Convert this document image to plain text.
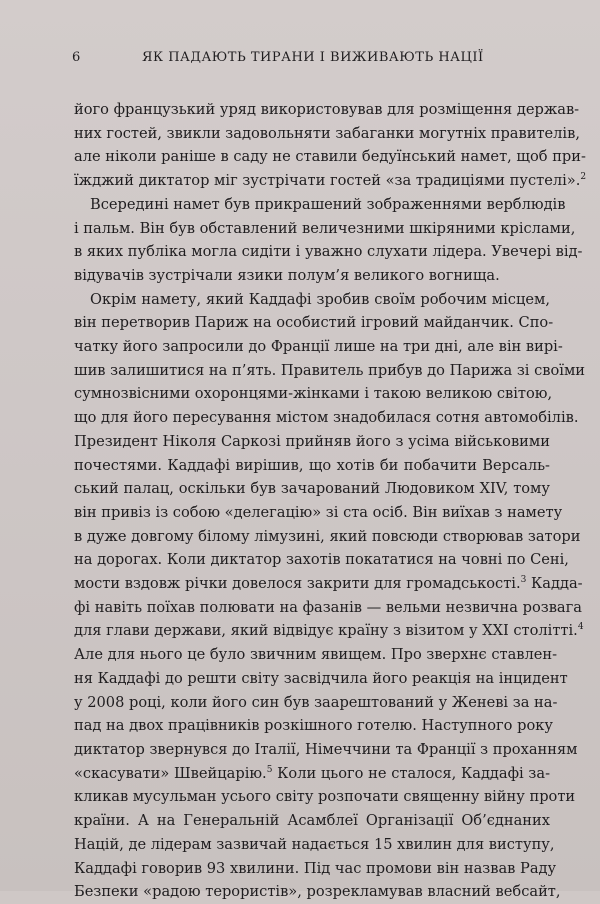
6	ЯК ПАДАЮТЬ ТИРАНИ І ВИЖИВАЮТЬ НАЦІЇ
його французький уряд використовував для розміщення держав-
них гостей, звикли задовольняти забаганки могутніх правителів,
але ніколи раніше в саду не ставили бедуїнський намет, щоб при-
їжджий диктатор міг зустрічати гостей «за традиціями пустелі».$^2$
Всередині намет був прикрашений зображеннями верблюдів
і пальм. Він був обставлений величезними шкіряними кріслами,
в яких публіка могла сидіти і уважно слухати лідера. Увечері від-
відувачів зустрічали язики полум’я великого вогнища.
Окрім намету, який Каддафі зробив своїм робочим місцем,
він перетворив Париж на особистий ігровий майданчик. Спо-
чатку його запросили до Франції лише на три дні, але він вирі-
шив залишитися на п’ять. Правитель прибув до Парижа зі своїми
сумнозвісними охоронцями-жінками і такою великою світою,
що для його пересування містом знадобилася сотня автомобілів.
Президент Ніколя Саркозі прийняв його з усіма військовими
почестями. Каддафі вирішив, що хотів би побачити Версаль-
ський палац, оскільки був зачарований Людовиком XIV, тому
він привіз із собою «делегацію» зі ста осіб. Він виїхав з намету
в дуже довгому білому лімузині, який повсюди створював затори
на дорогах. Коли диктатор захотів покататися на човні по Сені,
мости вздовж річки довелося закрити для громадськості.$^3$ Кадда-
фі навіть поїхав полювати на фазанів — вельми незвична розвага
для глави держави, який відвідує країну з візитом у XXI столітті.$^4$
Але для нього це було звичним явищем. Про зверхнє ставлен-
ня Каддафі до решти світу засвідчила його реакція на інцидент
у 2008 році, коли його син був заарештований у Женеві за на-
пад на двох працівників розкішного готелю. Наступного року
диктатор звернувся до Італії, Німеччини та Франції з проханням
«скасувати» Швейцарію.$^5$ Коли цього не сталося, Каддафі за-
кликав мусульман усього світу розпочати священну війну проти
країни. А на Генеральній Асамблеї Організації Об’єднаних
Націй, де лідерам зазвичай надається 15 хвилин для виступу,
Каддафі говорив 93 хвилини. Під час промови він назвав Раду
Безпеки «радою терористів», розрекламував власний вебсайт,
